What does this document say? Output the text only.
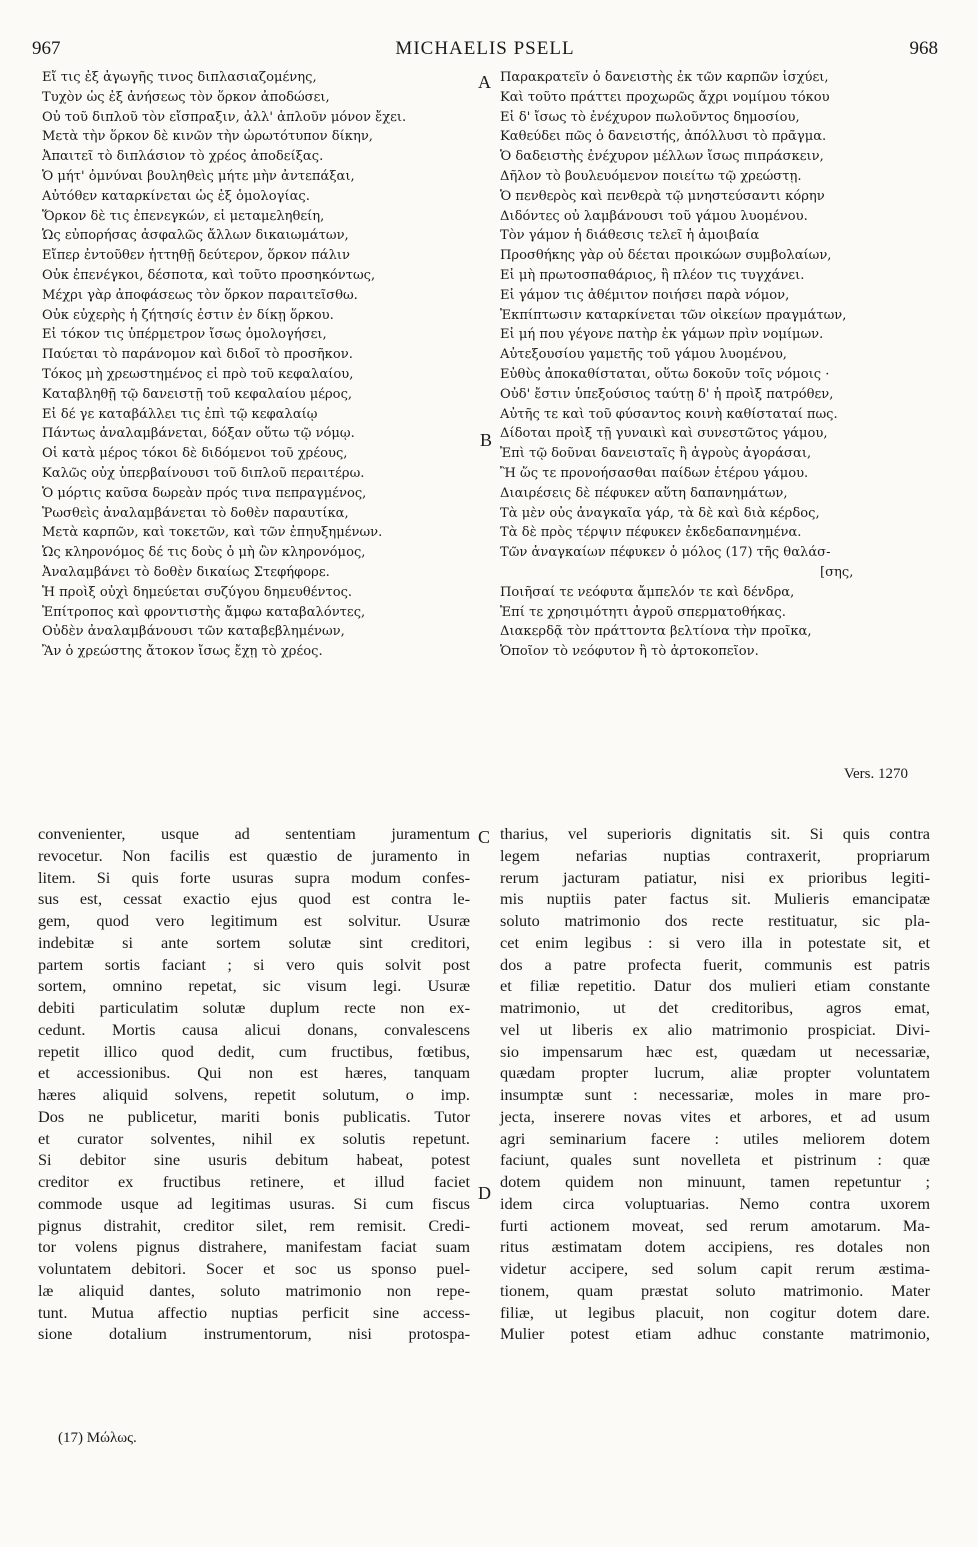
967	MICHAELIS PSELL	968
Εἴ τις ἐξ ἀγωγῆς τινος διπλασιαζομένης,
Τυχὸν ὡς ἐξ ἀνήσεως τὸν ὅρκον ἀποδώσει,
Οὐ τοῦ διπλοῦ τὸν εἴσπραξιν, ἀλλ' ἁπλοῦν μόνον ἔχει.
Μετὰ τὴν ὅρκον δὲ κινῶν τὴν ὠρωτότυπον δίκην,
Ἀπαιτεῖ τὸ διπλάσιον τὸ χρέος ἀποδείξας.
Ὁ μήτ' ὀμνύναι βουληθεὶς μήτε μὴν ἀντεπάξαι,
Αὐτόθεν καταρκίνεται ὡς ἐξ ὁμολογίας.
Ὅρκον δὲ τις ἐπενεγκών, εἰ μεταμεληθείη,
Ὡς εὐπορήσας ἀσφαλῶς ἄλλων δικαιωμάτων,
Εἴπερ ἐντοῦθεν ἡττηθῇ δεύτερον, ὅρκον πάλιν
Οὐκ ἐπενέγκοι, δέσποτα, καὶ τοῦτο προσηκόντως,
Μέχρι γὰρ ἀποφάσεως τὸν ὅρκον παραιτεῖσθω.
Οὐκ εὐχερὴς ἡ ζήτησίς ἐστιν ἐν δίκῃ ὅρκου.
Εἰ τόκον τις ὑπέρμετρον ἴσως ὁμολογήσει,
Παύεται τὸ παράνομον καὶ διδοῖ τὸ προσῆκον.
Τόκος μὴ χρεωστημένος εἰ πρὸ τοῦ κεφαλαίου,
Καταβληθῇ τῷ δανειστῇ τοῦ κεφαλαίου μέρος,
Εἰ δέ γε καταβάλλει τις ἐπὶ τῷ κεφαλαίῳ
Πάντως ἀναλαμβάνεται, δόξαν οὕτω τῷ νόμῳ.
Οἱ κατὰ μέρος τόκοι δὲ διδόμενοι τοῦ χρέους,
Καλῶς οὐχ ὑπερβαίνουσι τοῦ διπλοῦ περαιτέρω.
Ὁ μόρτις καῦσα δωρεὰν πρός τινα πεπραγμένος,
Ῥωσθεὶς ἀναλαμβάνεται τὸ δοθὲν παραυτίκα,
Μετὰ καρπῶν, καὶ τοκετῶν, καὶ τῶν ἐπηυξημένων.
Ὡς κληρονόμος δέ τις δοὺς ὁ μὴ ὢν κληρονόμος,
Ἀναλαμβάνει τὸ δοθὲν δικαίως Στεφήφορε.
Ἡ προὶξ οὐχὶ δημεύεται συζύγου δημευθέντος.
Ἐπίτροπος καὶ φροντιστὴς ἄμφω καταβαλόντες,
Οὐδὲν ἀναλαμβάνουσι τῶν καταβεβλημένων,
Ἂν ὁ χρεώστης ἄτοκον ἴσως ἔχῃ τὸ χρέος.
Παρακρατεῖν ὁ δανειστὴς ἐκ τῶν καρπῶν ἰσχύει,
Καὶ τοῦτο πράττει προχωρῶς ἄχρι νομίμου τόκου
Εἰ δ' ἴσως τὸ ἐνέχυρον πωλοῦντος δημοσίου,
Καθεύδει πῶς ὁ δανειστής, ἀπόλλυσι τὸ πρᾶγμα.
Ὁ δαδειστὴς ἐνέχυρον μέλλων ἴσως πιπράσκειν,
Δῆλον τὸ βουλευόμενον ποιείτω τῷ χρεώστῃ.
Ὁ πενθερὸς καὶ πενθερὰ τῷ μνηστεύσαντι κόρην
Διδόντες οὐ λαμβάνουσι τοῦ γάμου λυομένου.
Τὸν γάμον ἡ διάθεσις τελεῖ ἡ ἀμοιβαία
Προσθήκης γὰρ οὐ δέεται προικώων συμβολαίων,
Εἰ μὴ πρωτοσπαθάριος, ἢ πλέον τις τυγχάνει.
Εἰ γάμον τις ἀθέμιτον ποιήσει παρὰ νόμον,
Ἐκπίπτωσιν καταρκίνεται τῶν οἰκείων πραγμάτων,
Εἰ μή που γέγονε πατὴρ ἐκ γάμων πρὶν νομίμων.
Αὐτεξουσίου γαμετῆς τοῦ γάμου λυομένου,
Εὐθὺς ἀποκαθίσταται, οὕτω δοκοῦν τοῖς νόμοις ·
Οὐδ' ἔστιν ὑπεξούσιος ταύτῃ δ' ἡ προὶξ πατρόθεν,
Αὐτῆς τε καὶ τοῦ φύσαντος κοινὴ καθίσταταί πως.
Δίδοται προὶξ τῇ γυναικὶ καὶ συνεστῶτος γάμου,
Ἐπὶ τῷ δοῦναι δανεισταῖς ἢ ἀγροὺς ἀγοράσαι,
Ἢ ὥς τε προνοήσασθαι παίδων ἑτέρου γάμου.
Διαιρέσεις δὲ πέφυκεν αὕτη δαπανημάτων,
Τὰ μὲν οὐς ἀναγκαῖα γάρ, τὰ δὲ καὶ διὰ κέρδος,
Τὰ δὲ πρὸς τέρψιν πέφυκεν ἐκδεδαπανημένα.
Τῶν ἀναγκαίων πέφυκεν ὁ μόλος (17) τῆς θαλάσ-
[σης,
Ποιῆσαί τε νεόφυτα ἄμπελόν τε καὶ δένδρα,
Ἐπί τε χρησιμότητι ἀγροῦ σπερματοθήκας.
Διακερδᾷ τὸν πράττοντα βελτίονα τὴν προῖκα,
Ὁποῖον τὸ νεόφυτον ἢ τὸ ἀρτοκοπεῖον.
A
B
C
D
Vers. 1270
convenienter, usque ad sententiam juramentum
revocetur. Non facilis est quæstio de juramento in
litem. Si quis forte usuras supra modum confes-
sus est, cessat exactio ejus quod est contra le-
gem, quod vero legitimum est solvitur. Usuræ
indebitæ si ante sortem solutæ sint creditori,
partem sortis faciant ; si vero quis solvit post
sortem, omnino repetat, sic visum legi. Usuræ
debiti particulatim solutæ duplum recte non ex-
cedunt. Mortis causa alicui donans, convalescens
repetit illico quod dedit, cum fructibus, fœtibus,
et accessionibus. Qui non est hæres, tanquam
hæres aliquid solvens, repetit solutum, o imp.
Dos ne publicetur, mariti bonis publicatis. Tutor
et curator solventes, nihil ex solutis repetunt.
Si debitor sine usuris debitum habeat, potest
creditor ex fructibus retinere, et illud faciet
commode usque ad legitimas usuras. Si cum fiscus
pignus distrahit, creditor silet, rem remisit. Credi-
tor volens pignus distrahere, manifestam faciat suam
voluntatem debitori. Socer et soc us sponso puel-
læ aliquid dantes, soluto matrimonio non repe-
tunt. Mutua affectio nuptias perficit sine access-
sione dotalium instrumentorum, nisi protospa-
tharius, vel superioris dignitatis sit. Si quis contra
legem nefarias nuptias contraxerit, propriarum
rerum jacturam patiatur, nisi ex prioribus legiti-
mis nuptiis pater factus sit. Mulieris emancipatæ
soluto matrimonio dos recte restituatur, sic pla-
cet enim legibus : si vero illa in potestate sit, et
dos a patre profecta fuerit, communis est patris
et filiæ repetitio. Datur dos mulieri etiam constante
matrimonio, ut det creditoribus, agros emat,
vel ut liberis ex alio matrimonio prospiciat. Divi-
sio impensarum hæc est, quædam ut necessariæ,
quædam propter lucrum, aliæ propter voluntatem
insumptæ sunt : necessariæ, moles in mare pro-
jecta, inserere novas vites et arbores, et ad usum
agri seminarium facere : utiles meliorem dotem
faciunt, quales sunt novelleta et pistrinum : quæ
dotem quidem non minuunt, tamen repetuntur ;
idem circa voluptuarias. Nemo contra uxorem
furti actionem moveat, sed rerum amotarum. Ma-
ritus æstimatam dotem accipiens, res dotales non
videtur accipere, sed solum capit rerum æstima-
tionem, quam præstat soluto matrimonio. Mater
filiæ, ut legibus placuit, non cogitur dotem dare.
Mulier potest etiam adhuc constante matrimonio,
(17) Μώλως.
